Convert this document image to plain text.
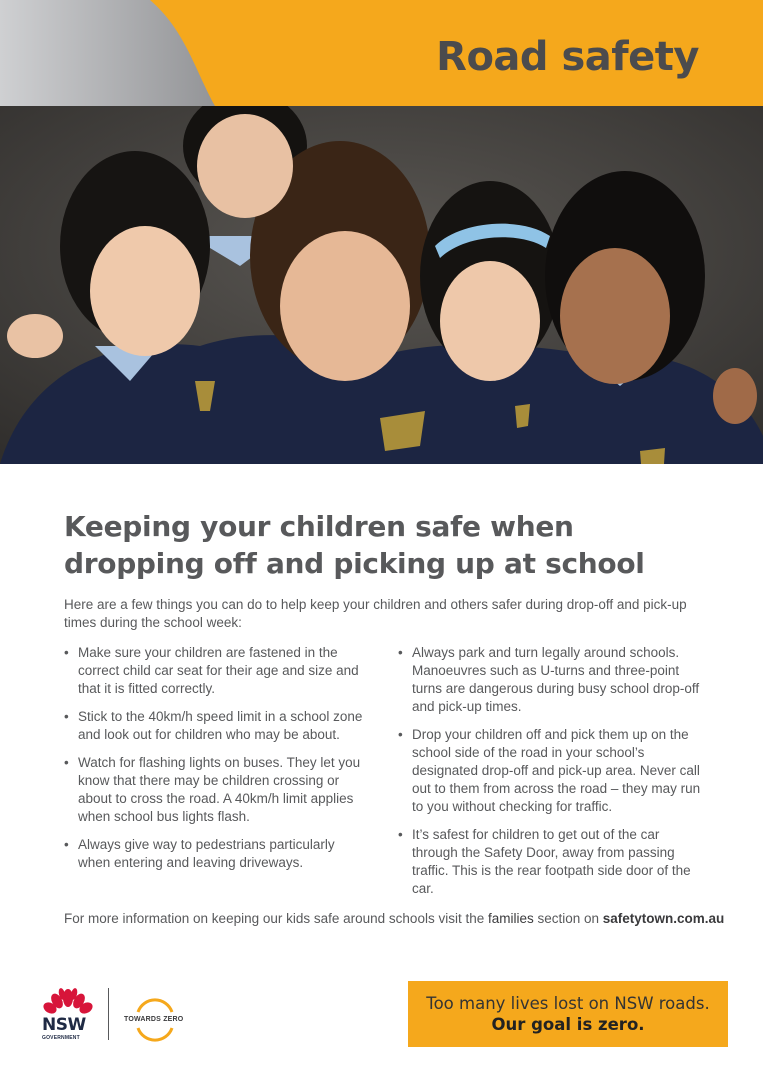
Road safety
Keeping your children safe when
dropping off and picking up at school

Here are a few things you can do to help keep your children and others safer during drop-off and pick-up times during the school week:

• Make sure your children are fastened in the correct child car seat for their age and size and that it is fitted correctly.
• Stick to the 40km/h speed limit in a school zone and look out for children who may be about.
• Watch for flashing lights on buses. They let you know that there may be children crossing or about to cross the road. A 40km/h limit applies when school bus lights flash.
• Always give way to pedestrians particularly when entering and leaving driveways.
• Always park and turn legally around schools. Manoeuvres such as U-turns and three-point turns are dangerous during busy school drop-off and pick-up times.
• Drop your children off and pick them up on the school side of the road in your school’s designated drop-off and pick-up area. Never call out to them from across the road – they may run to you without checking for traffic.
• It’s safest for children to get out of the car through the Safety Door, away from passing traffic. This is the rear footpath side door of the car.
For more information on keeping our kids safe around schools visit the families section on safetytown.com.au
NSW
GOVERNMENT
TOWARDS ZERO

Too many lives lost on NSW roads.

Our goal is zero.
